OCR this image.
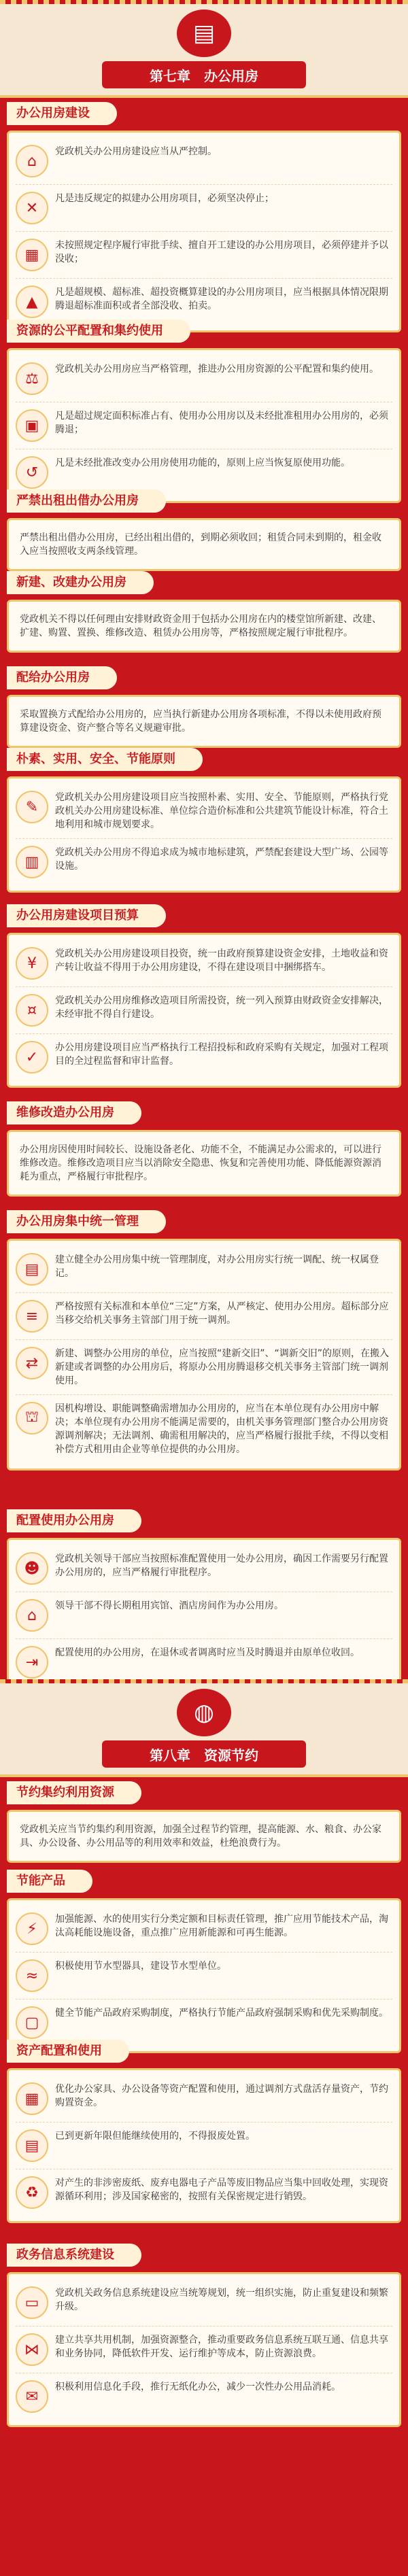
▤
第七章　办公用房
办公用房建设
⌂
党政机关办公用房建设应当从严控制。
✕
凡是违反规定的拟建办公用房项目，必须坚决停止；
▦
未按照规定程序履行审批手续、擅自开工建设的办公用房项目，必须停建并予以没收；
▲
凡是超规模、超标准、超投资概算建设的办公用房项目，应当根据具体情况限期腾退超标准面积或者全部没收、拍卖。
资源的公平配置和集约使用
⚖
党政机关办公用房应当严格管理，推进办公用房资源的公平配置和集约使用。
▣
凡是超过规定面积标准占有、使用办公用房以及未经批准租用办公用房的，必须腾退；
↺
凡是未经批准改变办公用房使用功能的，原则上应当恢复原使用功能。
严禁出租出借办公用房
严禁出租出借办公用房，已经出租出借的，到期必须收回；租赁合同未到期的，租金收入应当按照收支两条线管理。
新建、改建办公用房
党政机关不得以任何理由安排财政资金用于包括办公用房在内的楼堂馆所新建、改建、扩建、购置、置换、维修改造、租赁办公用房等，严格按照规定履行审批程序。
配给办公用房
采取置换方式配给办公用房的，应当执行新建办公用房各项标准，不得以未使用政府预算建设资金、资产整合等名义规避审批。
朴素、实用、安全、节能原则
✎
党政机关办公用房建设项目应当按照朴素、实用、安全、节能原则，严格执行党政机关办公用房建设标准、单位综合造价标准和公共建筑节能设计标准，符合土地利用和城市规划要求。
▥
党政机关办公用房不得追求成为城市地标建筑，严禁配套建设大型广场、公园等设施。
办公用房建设项目预算
¥
党政机关办公用房建设项目投资，统一由政府预算建设资金安排，土地收益和资产转让收益不得用于办公用房建设，不得在建设项目中捆绑搭车。
¤
党政机关办公用房维修改造项目所需投资，统一列入预算由财政资金安排解决，未经审批不得自行建设。
✓
办公用房建设项目应当严格执行工程招投标和政府采购有关规定，加强对工程项目的全过程监督和审计监督。
维修改造办公用房
办公用房因使用时间较长、设施设备老化、功能不全，不能满足办公需求的，可以进行维修改造。维修改造项目应当以消除安全隐患、恢复和完善使用功能、降低能源资源消耗为重点，严格履行审批程序。
办公用房集中统一管理
▤
建立健全办公用房集中统一管理制度，对办公用房实行统一调配、统一权属登记。
≡
严格按照有关标准和本单位“三定”方案，从严核定、使用办公用房。超标部分应当移交给机关事务主管部门用于统一调剂。
⇄
新建、调整办公用房的单位，应当按照“建新交旧”、“调新交旧”的原则，在搬入新建或者调整的办公用房后，将原办公用房腾退移交机关事务主管部门统一调剂使用。
⛫	因机构增设、职能调整确需增加办公用房的，应当在本单位现有办公用房中解决；本单位现有办公用房不能满足需要的，由机关事务管理部门整合办公用房资源调剂解决；无法调剂、确需租用解决的，应当严格履行报批手续，不得以变相补偿方式租用由企业等单位提供的办公用房。
配置使用办公用房
☻
党政机关领导干部应当按照标准配置使用一处办公用房，确因工作需要另行配置办公用房的，应当严格履行审批程序。
⌂
领导干部不得长期租用宾馆、酒店房间作为办公用房。
⇥
配置使用的办公用房，在退休或者调离时应当及时腾退并由原单位收回。
◍
第八章　资源节约
节约集约利用资源
党政机关应当节约集约利用资源，加强全过程节约管理，提高能源、水、粮食、办公家具、办公设备、办公用品等的利用效率和效益，杜绝浪费行为。
节能产品
⚡
加强能源、水的使用实行分类定额和目标责任管理，推广应用节能技术产品，淘汰高耗能设施设备，重点推广应用新能源和可再生能源。
≈
积极使用节水型器具，建设节水型单位。
▢
健全节能产品政府采购制度，严格执行节能产品政府强制采购和优先采购制度。
资产配置和使用
▦
优化办公家具、办公设备等资产配置和使用，通过调剂方式盘活存量资产，节约购置资金。
▤
已到更新年限但能继续使用的，不得报废处置。
♻
对产生的非涉密废纸、废弃电器电子产品等废旧物品应当集中回收处理，实现资源循环利用；涉及国家秘密的，按照有关保密规定进行销毁。
政务信息系统建设
▭
党政机关政务信息系统建设应当统筹规划，统一组织实施，防止重复建设和频繁升级。
⋈
建立共享共用机制，加强资源整合，推动重要政务信息系统互联互通、信息共享和业务协同，降低软件开发、运行维护等成本，防止资源浪费。
✉
积极利用信息化手段，推行无纸化办公，减少一次性办公用品消耗。
